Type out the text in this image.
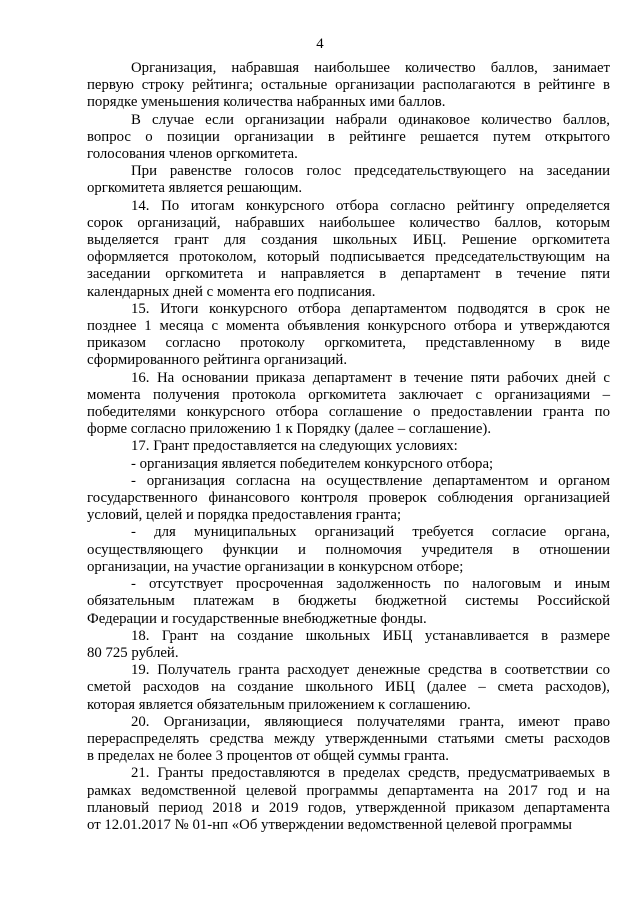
4
Организация, набравшая наибольшее количество баллов, занимает
первую строку рейтинга; остальные организации располагаются в рейтинге в
порядке уменьшения количества набранных ими баллов.
В случае если организации набрали одинаковое количество баллов,
вопрос о позиции организации в рейтинге решается путем открытого
голосования членов оргкомитета.
При равенстве голосов голос председательствующего на заседании
оргкомитета является решающим.
14. По итогам конкурсного отбора согласно рейтингу определяется
сорок организаций, набравших наибольшее количество баллов, которым
выделяется грант для создания школьных ИБЦ. Решение оргкомитета
оформляется протоколом, который подписывается председательствующим на
заседании оргкомитета и направляется в департамент в течение пяти
календарных дней с момента его подписания.
15. Итоги конкурсного отбора департаментом подводятся в срок не
позднее 1 месяца с момента объявления конкурсного отбора и утверждаются
приказом согласно протоколу оргкомитета, представленному в виде
сформированного рейтинга организаций.
16. На основании приказа департамент в течение пяти рабочих дней с
момента получения протокола оргкомитета заключает с организациями –
победителями конкурсного отбора соглашение о предоставлении гранта по
форме согласно приложению 1 к Порядку (далее – соглашение).
17. Грант предоставляется на следующих условиях:
- организация является победителем конкурсного отбора;
- организация согласна на осуществление департаментом и органом
государственного финансового контроля проверок соблюдения организацией
условий, целей и порядка предоставления гранта;
- для муниципальных организаций требуется согласие органа,
осуществляющего функции и полномочия учредителя в отношении
организации, на участие организации в конкурсном отборе;
- отсутствует просроченная задолженность по налоговым и иным
обязательным платежам в бюджеты бюджетной системы Российской
Федерации и государственные внебюджетные фонды.
18. Грант на создание школьных ИБЦ устанавливается в размере
80 725 рублей.
19. Получатель гранта расходует денежные средства в соответствии со
сметой расходов на создание школьного ИБЦ (далее – смета расходов),
которая является обязательным приложением к соглашению.
20. Организации, являющиеся получателями гранта, имеют право
перераспределять средства между утвержденными статьями сметы расходов
в пределах не более 3 процентов от общей суммы гранта.
21. Гранты предоставляются в пределах средств, предусматриваемых в
рамках ведомственной целевой программы департамента на 2017 год и на
плановый период 2018 и 2019 годов, утвержденной приказом департамента
от 12.01.2017 № 01-нп «Об утверждении ведомственной целевой программы
